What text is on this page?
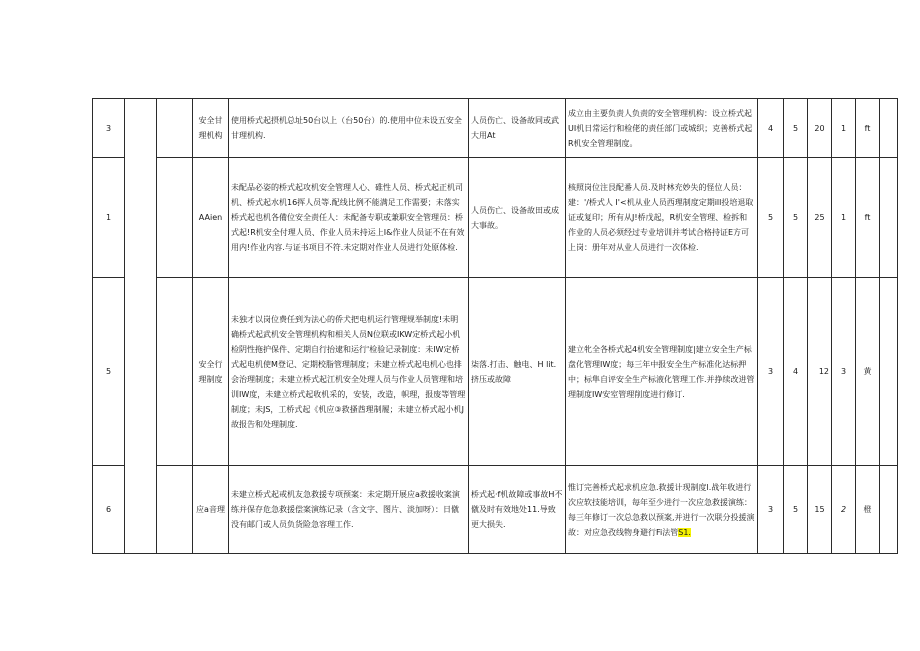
3			安全甘理机构	使用桥式起摂机总址50台以上（台50台）的.使用中位未设五安全甘理机构.	人员伤亡、设备故同或武大用At	成立由主要负责人负责的安全管理机构：设立桥式起UI机日常运行和检佬的责任部门或城织；克善桥式起R机安全管理制度。	4	5	20	1	ft	
1			AAien	未配品必姿的桥式起攻机安全管理人心、碓性人员、桥式起正机司机、桥式起水机16挥人员等.配线比例不能满足工作需要；未落实桥式起也机各備位安全责任人：未配备专职或兼职安全管理员：桥式起!R机安全付理人员、作业人员未持运上I&作业人员证不在有效用内!作业内容.与证书项目不符.未定期对作业人员进行处原体检.	人员伤亡、设备故田或成大事故。	核照岗位注艮配番人员.及时林充妙失的怪位人员：建：'/桥式人 I'<机从业人员西理制度定期ill投培退取证或复印；所有从J!桥戊起，R机安全管理、检拆和作业的人员必须经过专业培训并考试合格持证E方可上岗：册年对从业人员进行一次体检.	5	5	25	1	ft	
5			安全行理制度	未独才以岗位费任到为法心的侨犬把电机运行管理规举制度!未明确桥式起武机安全管理机构和相关人员N位联或IKW定桥式起小机检阴性拖护保件、定期自行抬逮和运行'检验记录制度：未IW定桥式起电机使M登记、定期校脂管理制度；未建立桥式起电机心也排会治理制度；未建立桥式起江机安全处理人员与作业人员管理和培训IW度，未建立桥式起收机采的，安装，改造，帜理，报废等管理制度；未JS，工桥式起《机应③救搔酋理制履；未建立桥式起小机J故报告和处理制度.	柒落.打击、触电、H lit.挤压或故障	建立牝全各桥式起4机安全管理制度|建立安全生产标盘化管理IW度；每三年中报安全生产标准化达标押中；标隼自评安全生产标液化管理工作.并挣续改进管理制度IW安室管理削度进行修订.	3	4	12	3	黄	
6			应a音理	未建立桥式起戒机友急救援专项预案：未定期开展应a救援收案演练并保存危急救援偿案演练记录（含文字、图片、淡加呀）：日僦没有邮门或人员负货险急容理工作.	桥式起·f机故障或事故H不僦及时有效地处11.导致更大损失.	惟订完善桥式起求机应急.救援计现制度l.战年收进行次应软技能培训，毎年至少进行一次应急救援演练：每三年修订一次总急救以预案,并进行一次联分投援演故：对应急孜线物身避行Fi法管S1.	3	5	15	2	橙	
